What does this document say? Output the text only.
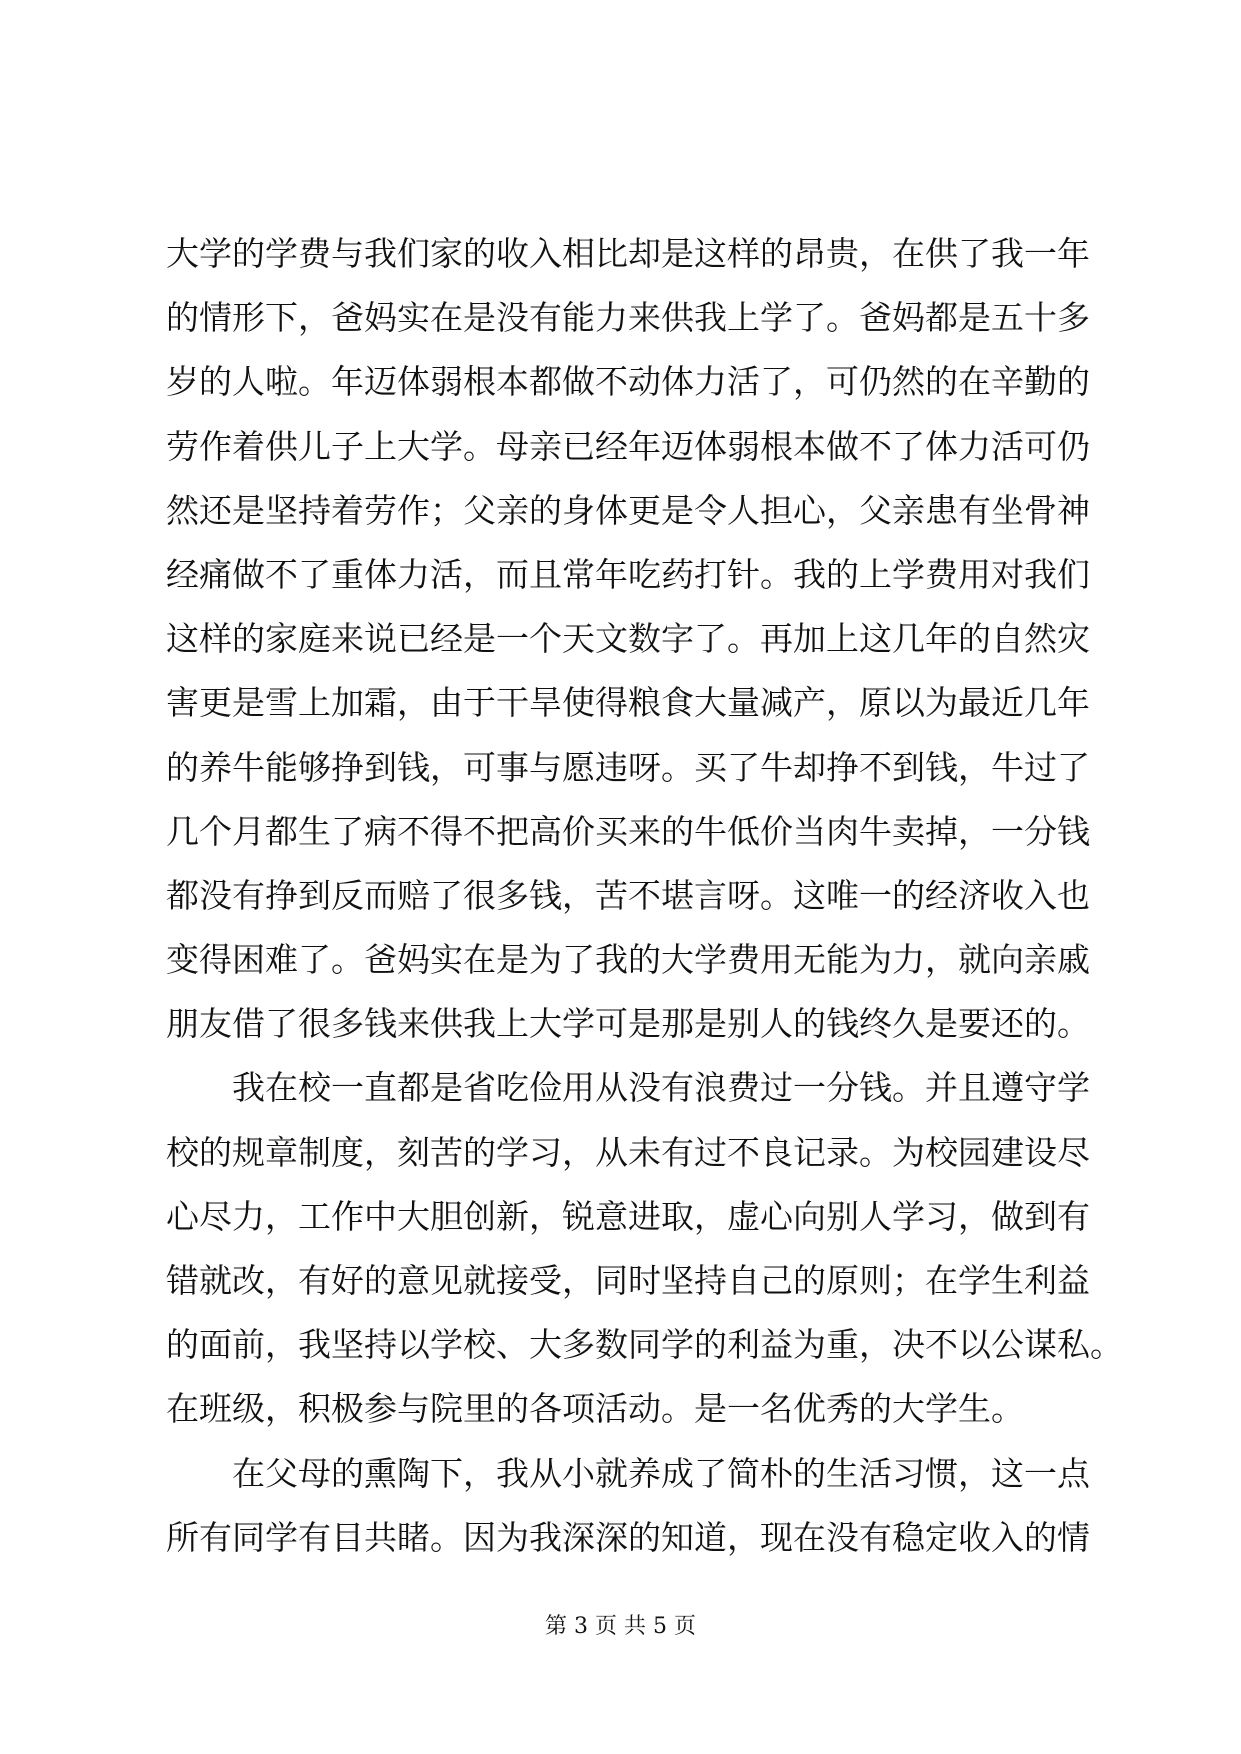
大学的学费与我们家的收入相比却是这样的昂贵，在供了我一年
的情形下，爸妈实在是没有能力来供我上学了。爸妈都是五十多
岁的人啦。年迈体弱根本都做不动体力活了，可仍然的在辛勤的
劳作着供儿子上大学。母亲已经年迈体弱根本做不了体力活可仍
然还是坚持着劳作；父亲的身体更是令人担心，父亲患有坐骨神
经痛做不了重体力活，而且常年吃药打针。我的上学费用对我们
这样的家庭来说已经是一个天文数字了。再加上这几年的自然灾
害更是雪上加霜，由于干旱使得粮食大量减产，原以为最近几年
的养牛能够挣到钱，可事与愿违呀。买了牛却挣不到钱，牛过了
几个月都生了病不得不把高价买来的牛低价当肉牛卖掉，一分钱
都没有挣到反而赔了很多钱，苦不堪言呀。这唯一的经济收入也
变得困难了。爸妈实在是为了我的大学费用无能为力，就向亲戚
朋友借了很多钱来供我上大学可是那是别人的钱终久是要还的。
我在校一直都是省吃俭用从没有浪费过一分钱。并且遵守学
校的规章制度，刻苦的学习，从未有过不良记录。为校园建设尽
心尽力，工作中大胆创新，锐意进取，虚心向别人学习，做到有
错就改，有好的意见就接受，同时坚持自己的原则；在学生利益
的面前，我坚持以学校、大多数同学的利益为重，决不以公谋私。
在班级，积极参与院里的各项活动。是一名优秀的大学生。
在父母的熏陶下，我从小就养成了简朴的生活习惯，这一点
所有同学有目共睹。因为我深深的知道，现在没有稳定收入的情
第 3 页 共 5 页
